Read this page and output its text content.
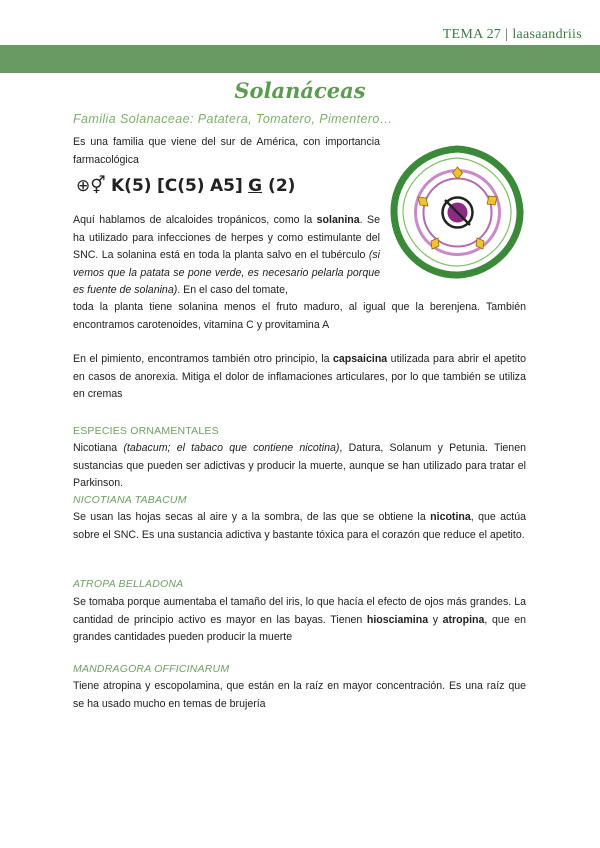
TEMA 27 | laasaandriis
Solanáceas
Familia Solanaceae: Patatera, Tomatero, Pimentero…
Es una familia que viene del sur de América, con importancia farmacológica
⊕⚥ K(5) [C(5) A5] G (2)
Aquí hablamos de alcaloides tropánicos, como la solanina. Se ha utilizado para infecciones de herpes y como estimulante del SNC. La solanina está en toda la planta salvo en el tubérculo (si vemos que la patata se pone verde, es necesario pelarla porque es fuente de solanina). En el caso del tomate,
toda la planta tiene solanina menos el fruto maduro, al igual que la berenjena. También encontramos carotenoides, vitamina C y provitamina A
En el pimiento, encontramos también otro principio, la capsaicina utilizada para abrir el apetito en casos de anorexia. Mitiga el dolor de inflamaciones articulares, por lo que también se utiliza en cremas
ESPECIES ORNAMENTALES
Nicotiana (tabacum; el tabaco que contiene nicotina), Datura, Solanum y Petunia. Tienen sustancias que pueden ser adictivas y producir la muerte, aunque se han utilizado para tratar el Parkinson.
NICOTIANA TABACUM
Se usan las hojas secas al aire y a la sombra, de las que se obtiene la nicotina, que actúa sobre el SNC. Es una sustancia adictiva y bastante tóxica para el corazón que reduce el apetito.
ATROPA BELLADONA
Se tomaba porque aumentaba el tamaño del iris, lo que hacía el efecto de ojos más grandes. La cantidad de principio activo es mayor en las bayas. Tienen hiosciamina y atropina, que en grandes cantidades pueden producir la muerte
MANDRAGORA OFFICINARUM
Tiene atropina y escopolamina, que están en la raíz en mayor concentración. Es una raíz que se ha usado mucho en temas de brujería
